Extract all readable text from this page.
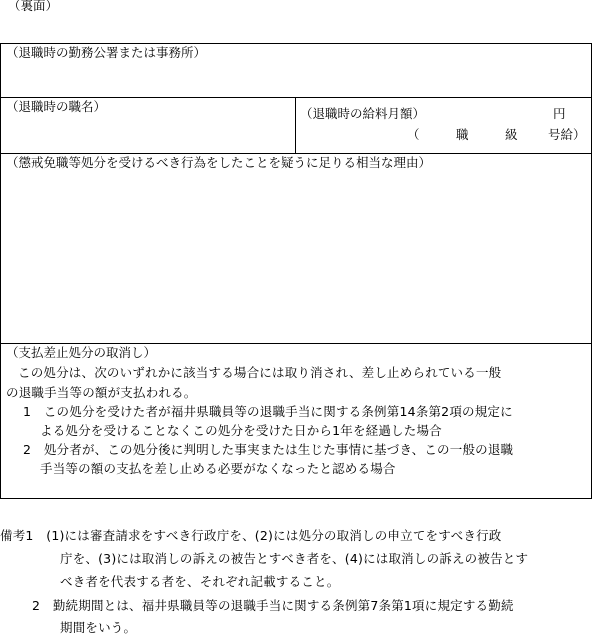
（裏面）
（退職時の勤務公署または事務所）
（退職時の職名）	（退職時の給料月額）	円
（	職	級 号給）
（懲戒免職等処分を受けるべき行為をしたことを疑うに足りる相当な理由）
（支払差止処分の取消し）
この処分は、次のいずれかに該当する場合には取り消され、差し止められている一般
の退職手当等の額が支払われる。
1　この処分を受けた者が福井県職員等の退職手当に関する条例第14条第2項の規定に
よる処分を受けることなくこの処分を受けた日から1年を経過した場合
2　処分者が、この処分後に判明した事実または生じた事情に基づき、この一般の退職
手当等の額の支払を差し止める必要がなくなったと認める場合
備考1　(1)には審査請求をすべき行政庁を、(2)には処分の取消しの申立てをすべき行政
庁を、(3)には取消しの訴えの被告とすべき者を、(4)には取消しの訴えの被告とす
べき者を代表する者を、それぞれ記載すること。
2　勤続期間とは、福井県職員等の退職手当に関する条例第7条第1項に規定する勤続
期間をいう。
